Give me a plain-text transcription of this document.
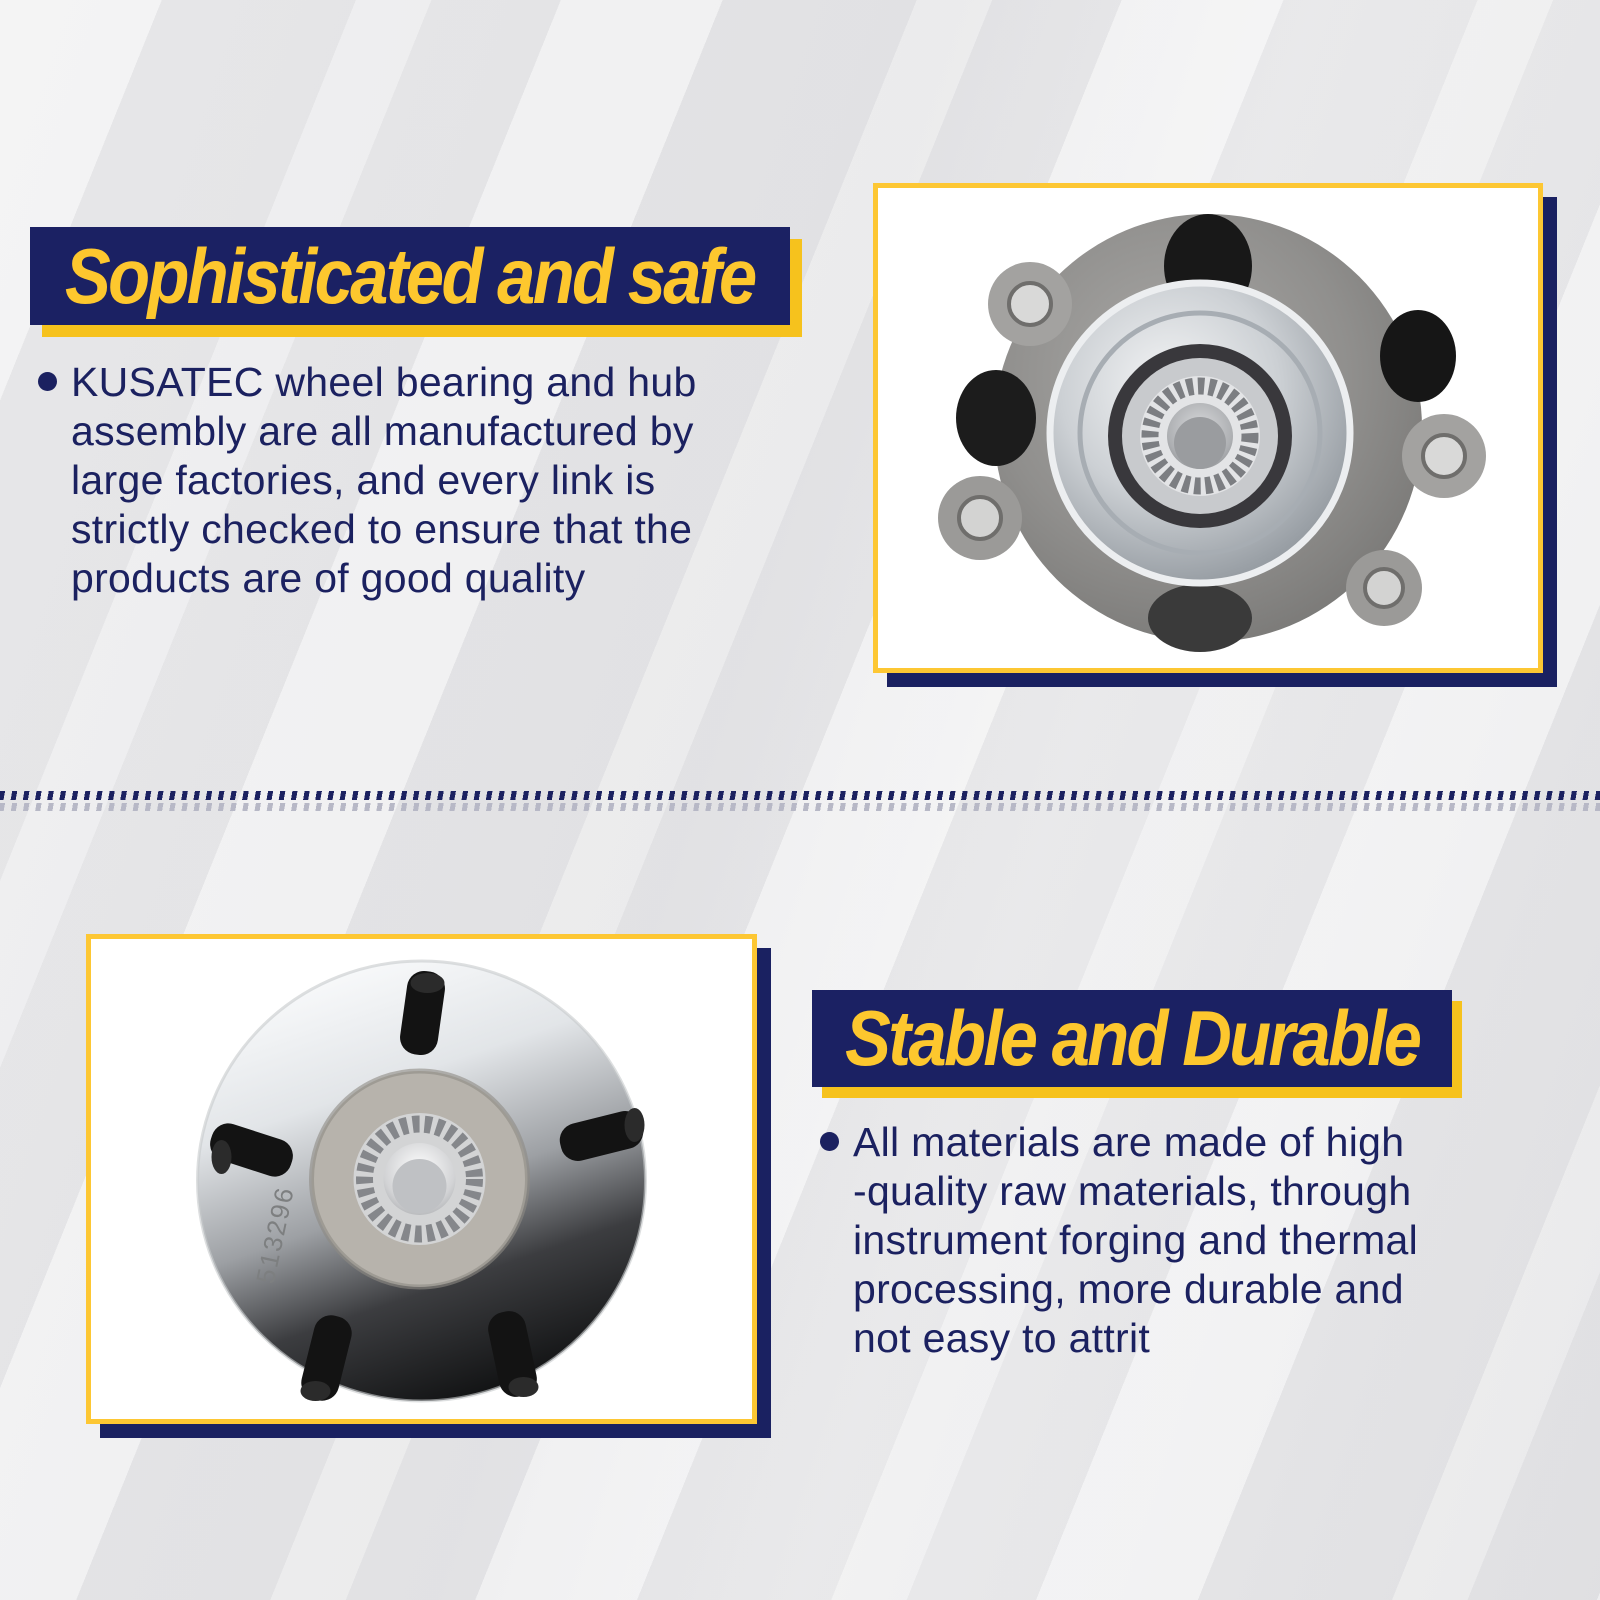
Sophisticated and safe
KUSATEC wheel bearing and hub
assembly are all manufactured by
large factories, and every link is
strictly checked to ensure that the
products are of good quality
513296
Stable and Durable
All materials are made of high
-quality raw materials, through
instrument forging and thermal
processing, more durable and
not easy to attrit
